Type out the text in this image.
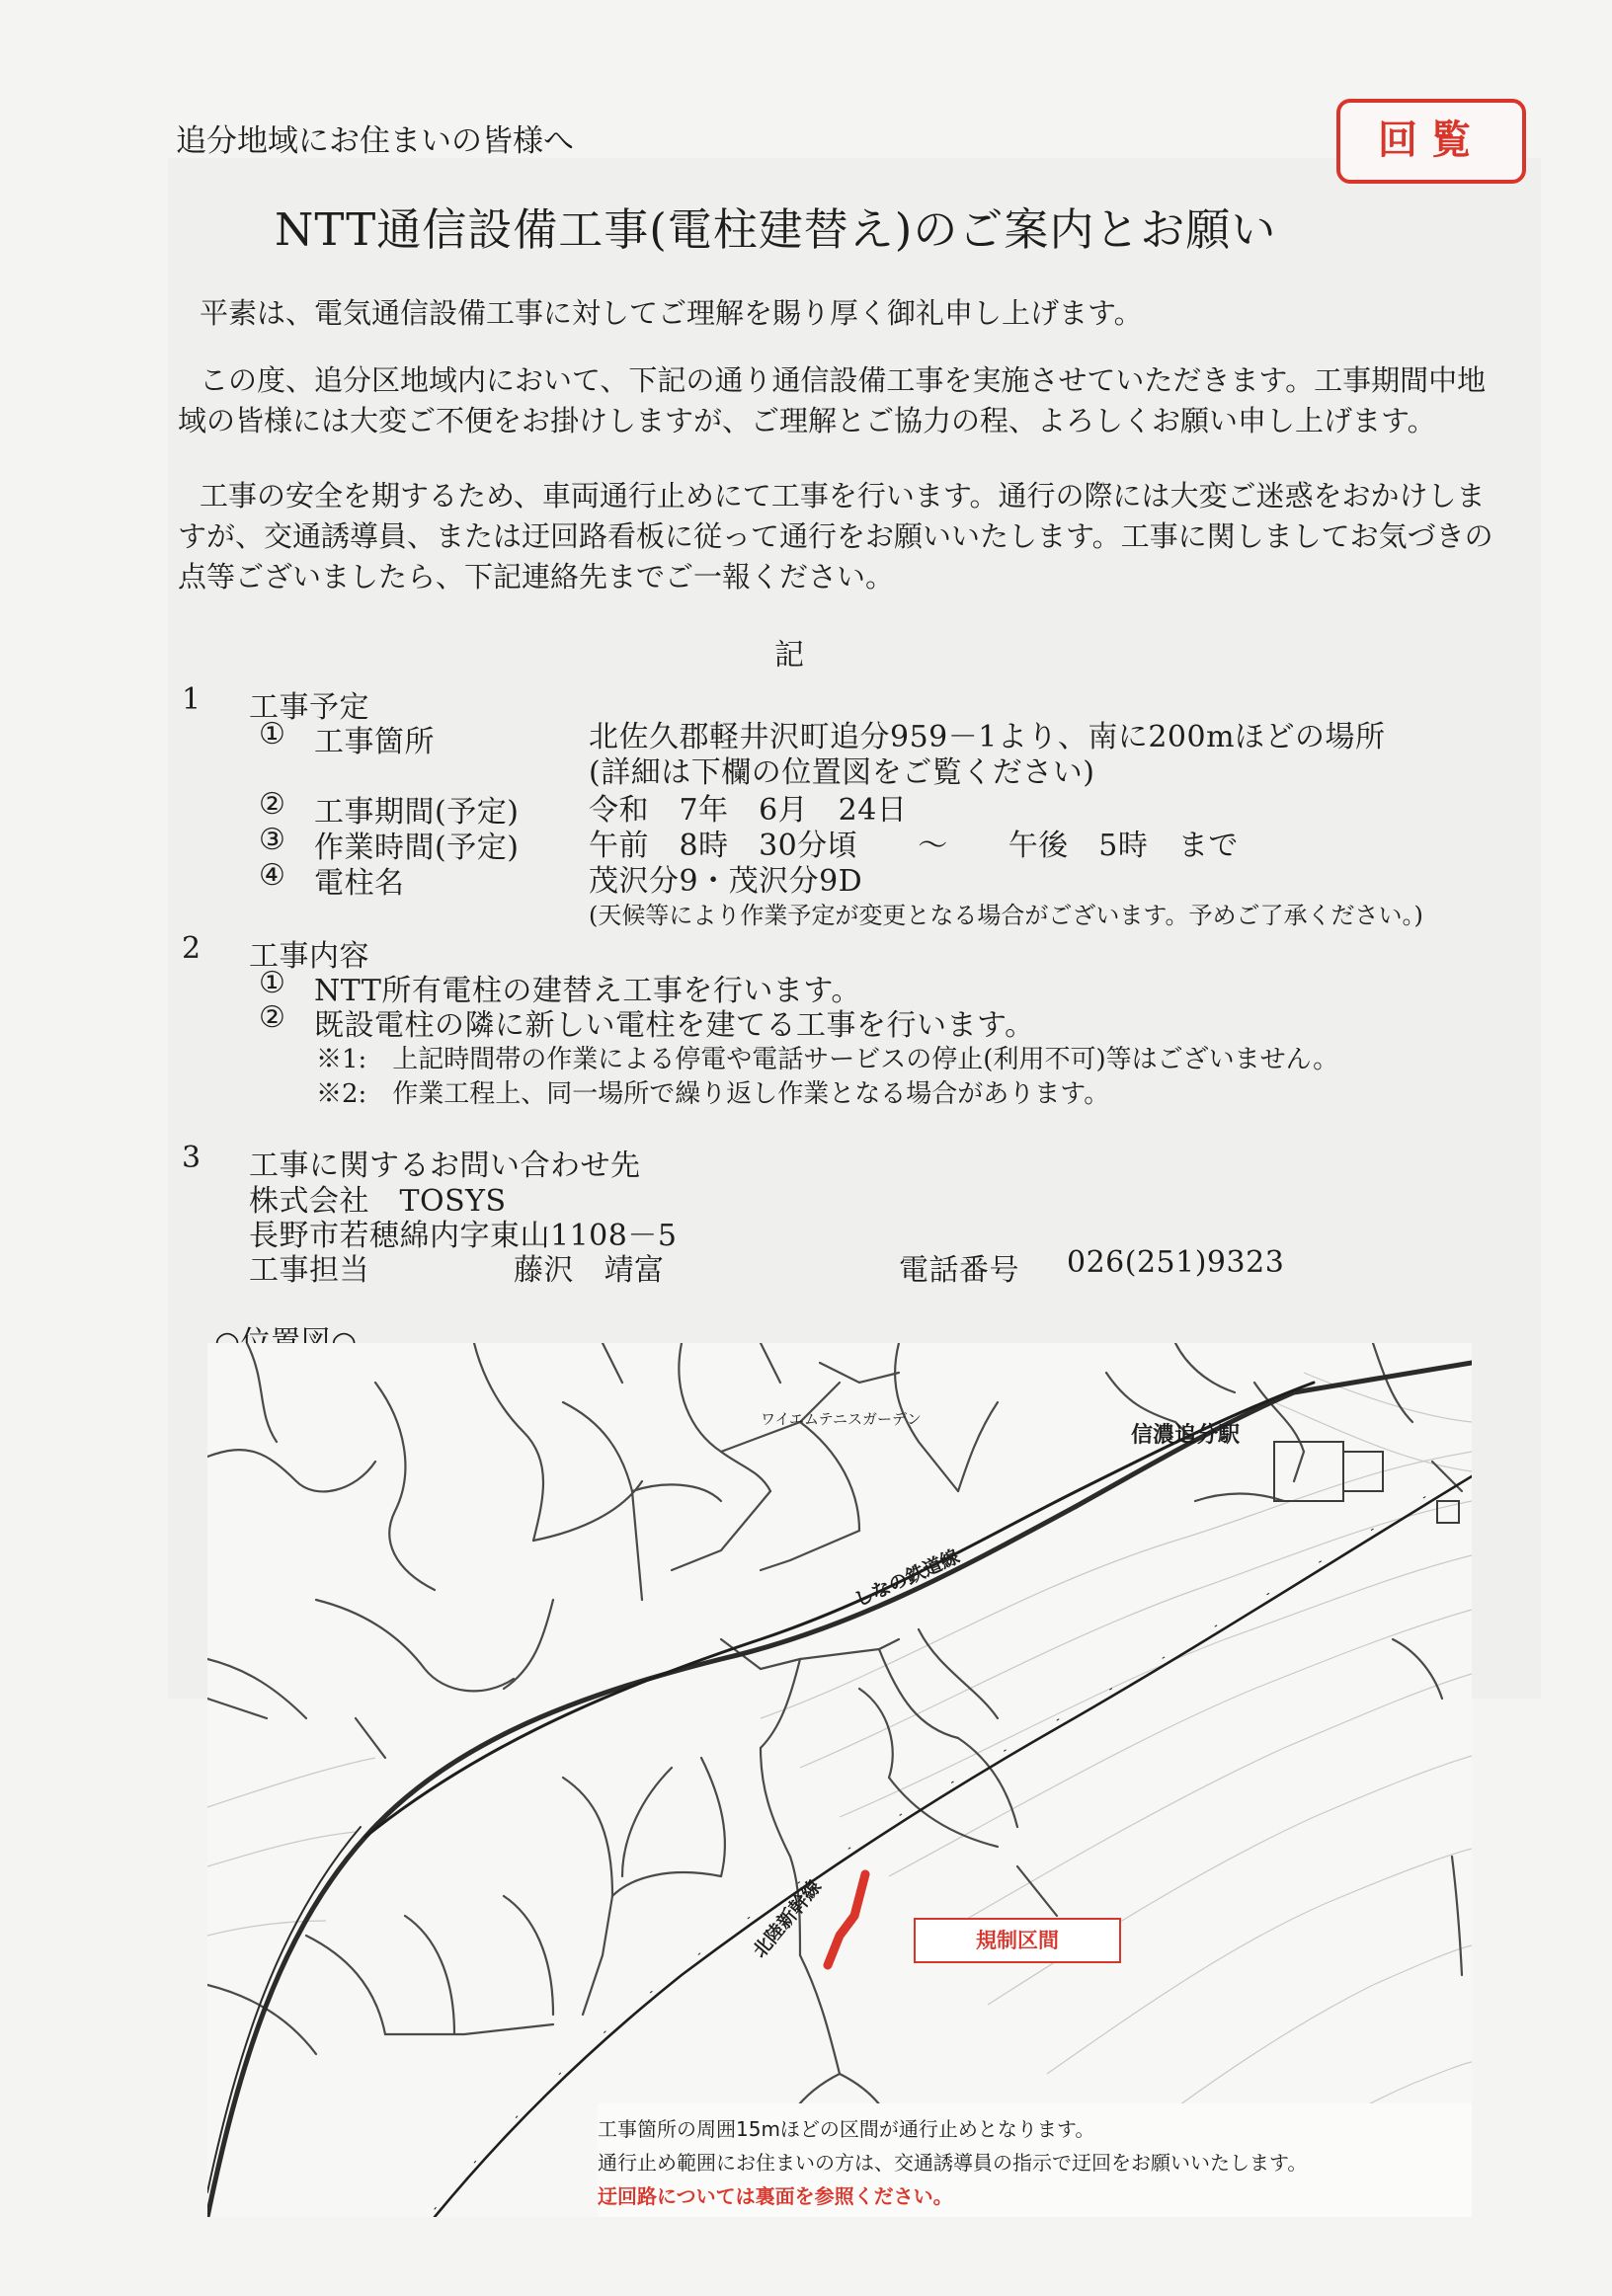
追分地域にお住まいの皆様へ	回覧
NTT通信設備工事(電柱建替え)のご案内とお願い
平素は、電気通信設備工事に対してご理解を賜り厚く御礼申し上げます。
この度、追分区地域内において、下記の通り通信設備工事を実施させていただきます。工事期間中地域の皆様には大変ご不便をお掛けしますが、ご理解とご協力の程、よろしくお願い申し上げます。
工事の安全を期するため、車両通行止めにて工事を行います。通行の際には大変ご迷惑をおかけしますが、交通誘導員、または迂回路看板に従って通行をお願いいたします。工事に関しましてお気づきの点等ございましたら、下記連絡先までご一報ください。
記
1 工事予定
① 工事箇所	北佐久郡軽井沢町追分959－1より、南に200mほどの場所
(詳細は下欄の位置図をご覧ください)
② 工事期間(予定) 令和　7年　6月　24日
③ 作業時間(予定) 午前　8時　30分頃　　～　　午後　5時　まで
④ 電柱名	茂沢分9・茂沢分9D
(天候等により作業予定が変更となる場合がございます。予めご了承ください。)
2 工事内容
① NTT所有電柱の建替え工事を行います。
② 既設電柱の隣に新しい電柱を建てる工事を行います。
※1:　上記時間帯の作業による停電や電話サービスの停止(利用不可)等はございません。
※2:　作業工程上、同一場所で繰り返し作業となる場合があります。
3 工事に関するお問い合わせ先
株式会社　TOSYS
長野市若穂綿内字東山1108－5
工事担当	藤沢　靖富	電話番号 026(251)9323
ワイエムテニスガーデン
信濃追分駅
しなの鉄道線
北陸新幹線	規制区間
工事箇所の周囲15mほどの区間が通行止めとなります。
通行止め範囲にお住まいの方は、交通誘導員の指示で迂回をお願いいたします。
迂回路については裏面を参照ください。
